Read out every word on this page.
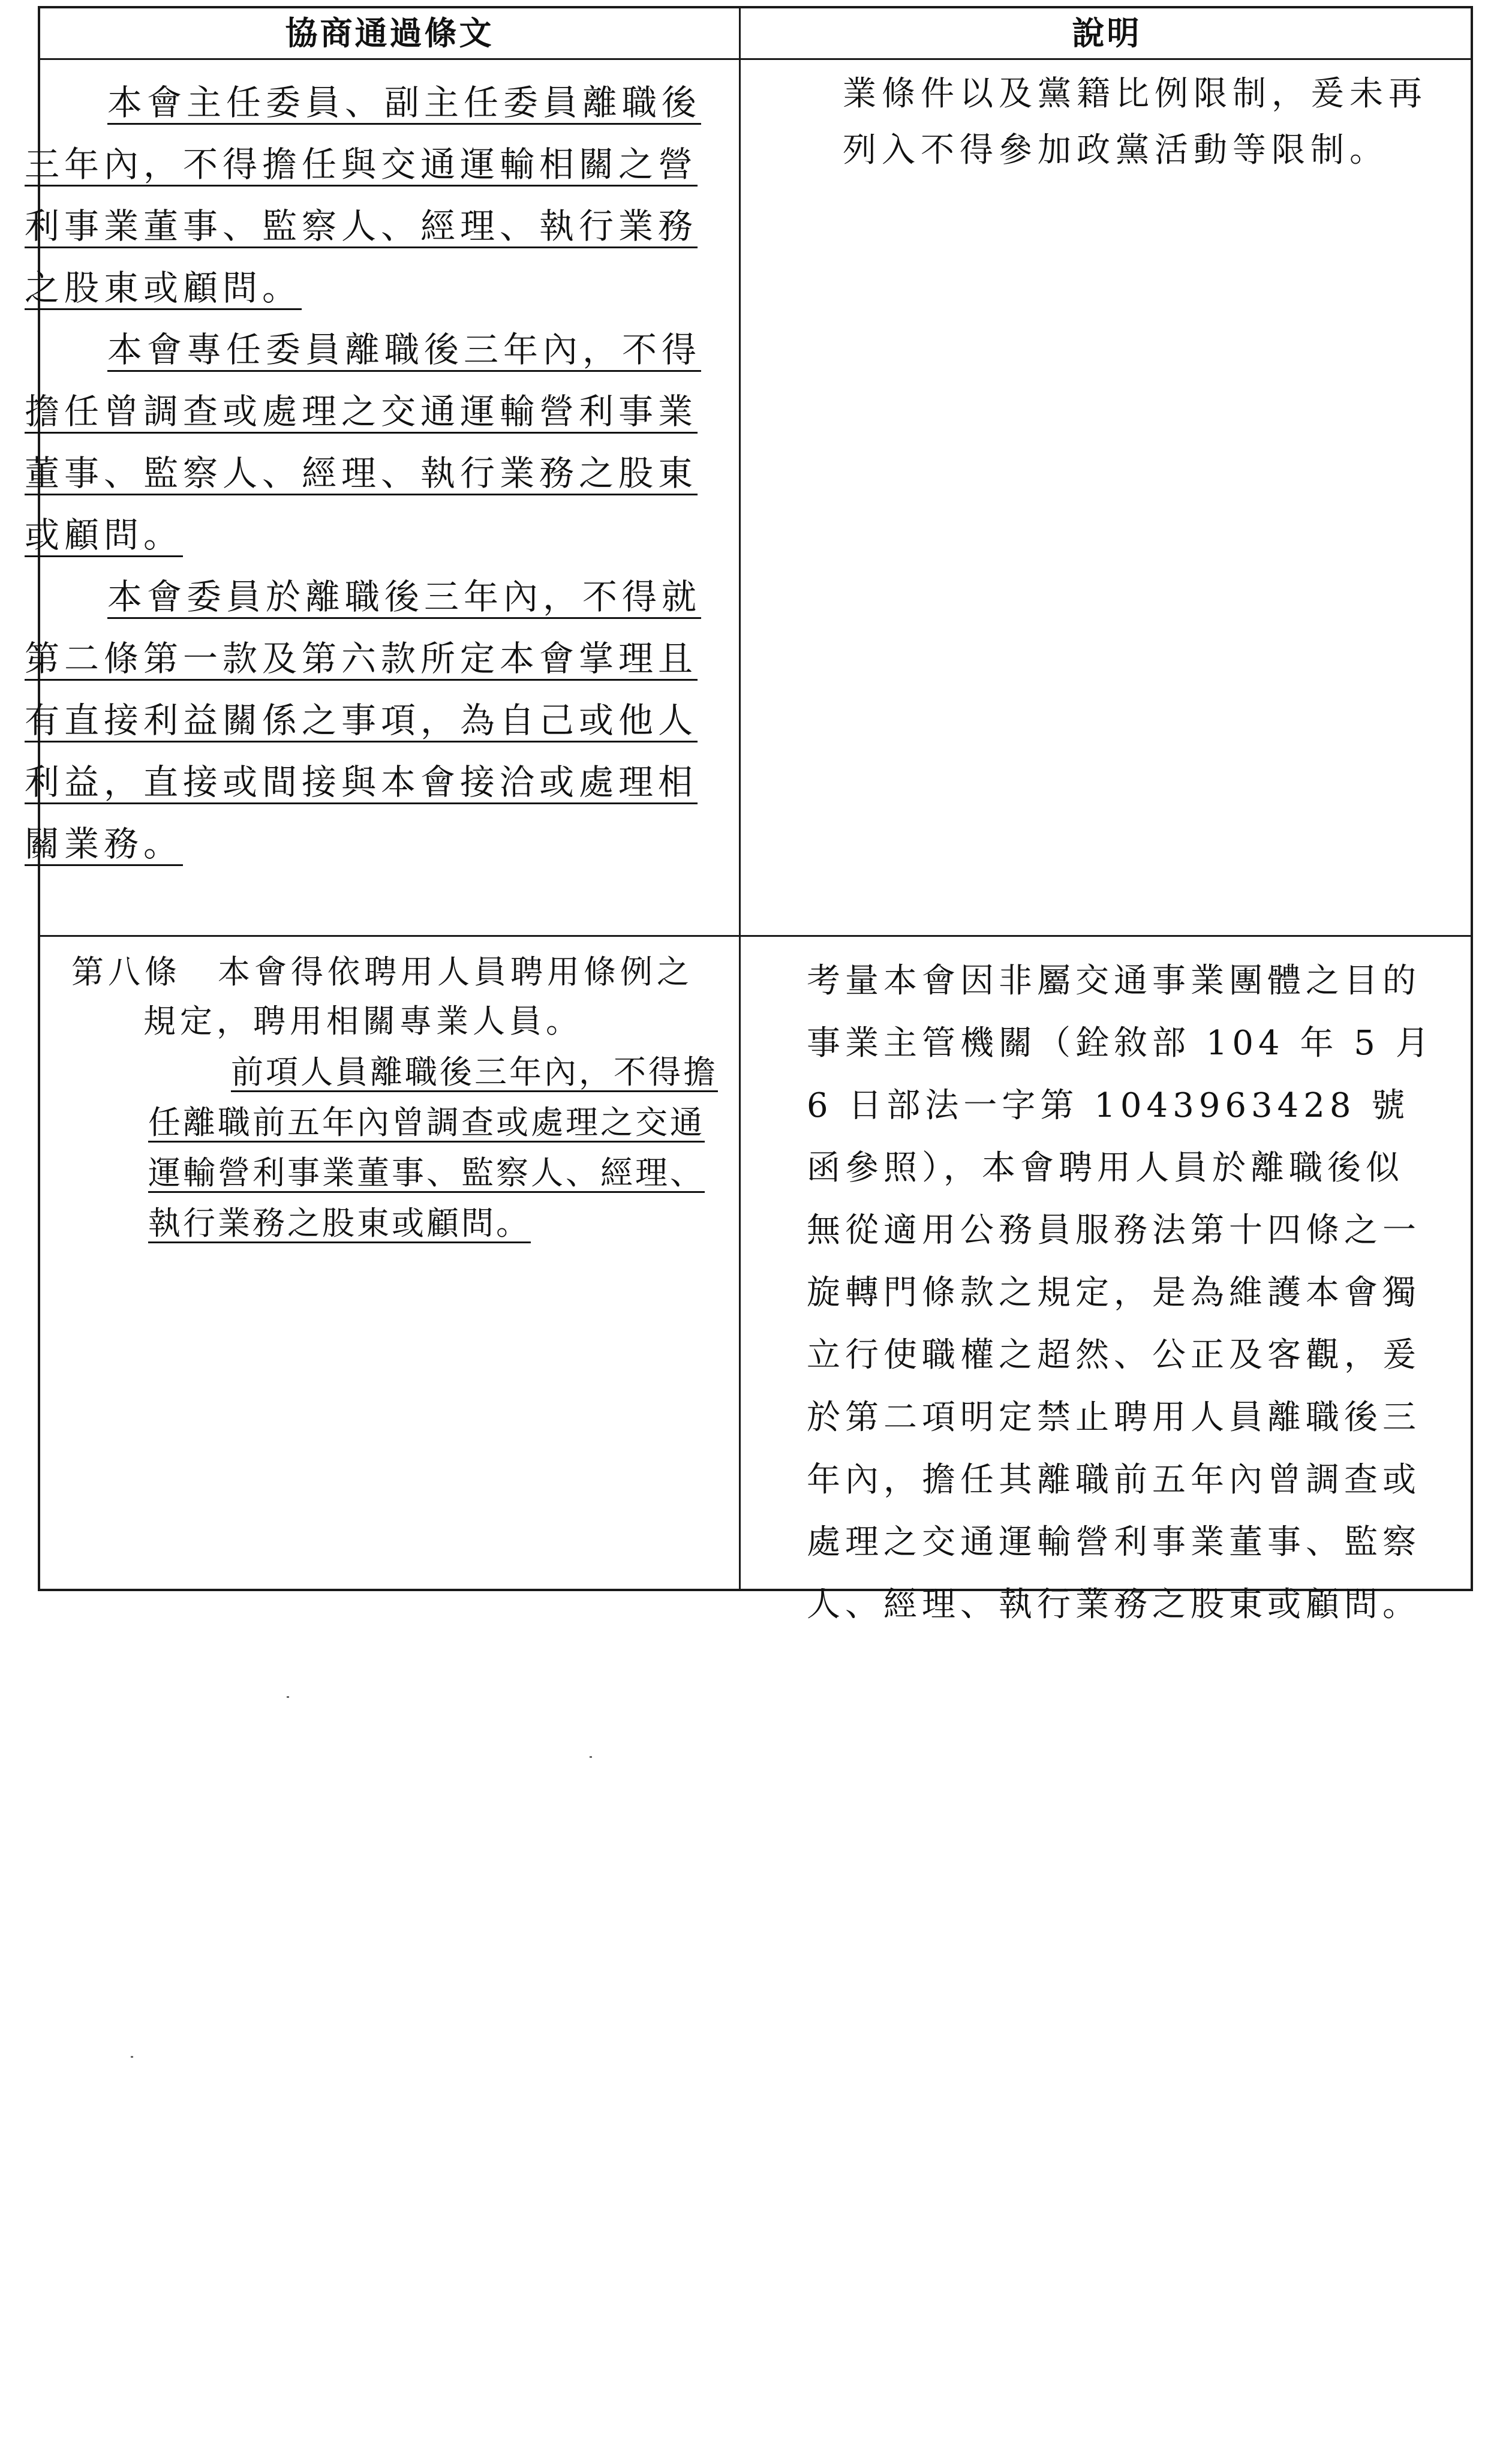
協商通過條文	說明

本會主任委員、副主任委員離職後三年內，不得擔任與交通運輸相關之營利事業董事、監察人、經理、執行業務之股東或顧問。

本會專任委員離職後三年內，不得擔任曾調查或處理之交通運輸營利事業董事、監察人、經理、執行業務之股東或顧問。

本會委員於離職後三年內，不得就第二條第一款及第六款所定本會掌理且有直接利益關係之事項，為自己或他人利益，直接或間接與本會接洽或處理相關業務。

業條件以及黨籍比例限制，爰未再列入不得參加政黨活動等限制。

第八條　本會得依聘用人員聘用條例之規定，聘用相關專業人員。

前項人員離職後三年內，不得擔任離職前五年內曾調查或處理之交通運輸營利事業董事、監察人、經理、執行業務之股東或顧問。

考量本會因非屬交通事業團體之目的事業主管機關（銓敘部 104 年 5 月 6 日部法一字第 1043963428 號函參照），本會聘用人員於離職後似無從適用公務員服務法第十四條之一旋轉門條款之規定，是為維護本會獨立行使職權之超然、公正及客觀，爰於第二項明定禁止聘用人員離職後三年內，擔任其離職前五年內曾調查或處理之交通運輸營利事業董事、監察人、經理、執行業務之股東或顧問。
